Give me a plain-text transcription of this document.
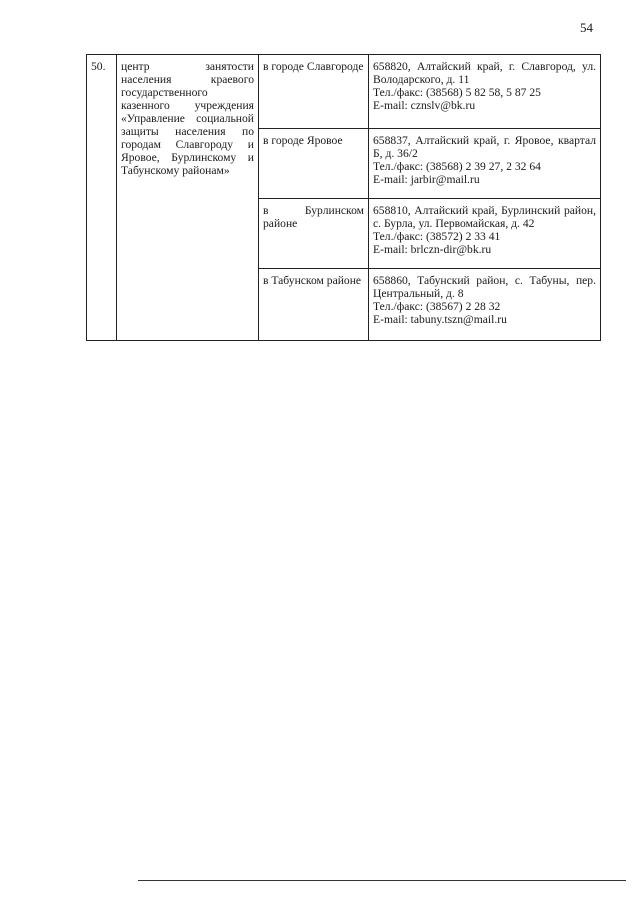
54
50.	центр занятости населения краевого государственного казенного учреждения «Управление социальной защиты населения по городам Славгороду и Яровое, Бурлинскому и Табунскому районам»	в городе Славгороде	658820, Алтайский край, г. Славгород, ул. Володарского, д. 11
Тел./факс: (38568) 5 82 58, 5 87 25
E-mail: cznslv@bk.ru

		в городе Яровое	658837, Алтайский край, г. Яровое, квартал Б, д. 36/2
Тел./факс: (38568) 2 39 27, 2 32 64
E-mail: jarbir@mail.ru

		в Бурлинском районе	658810, Алтайский край, Бурлинский район, с. Бурла, ул. Первомайская, д. 42
Тел./факс: (38572) 2 33 41
E-mail: brlczn-dir@bk.ru

		в Табунском районе	658860, Табунский район, с. Табуны, пер. Центральный, д. 8
Тел./факс: (38567) 2 28 32
E-mail: tabuny.tszn@mail.ru
